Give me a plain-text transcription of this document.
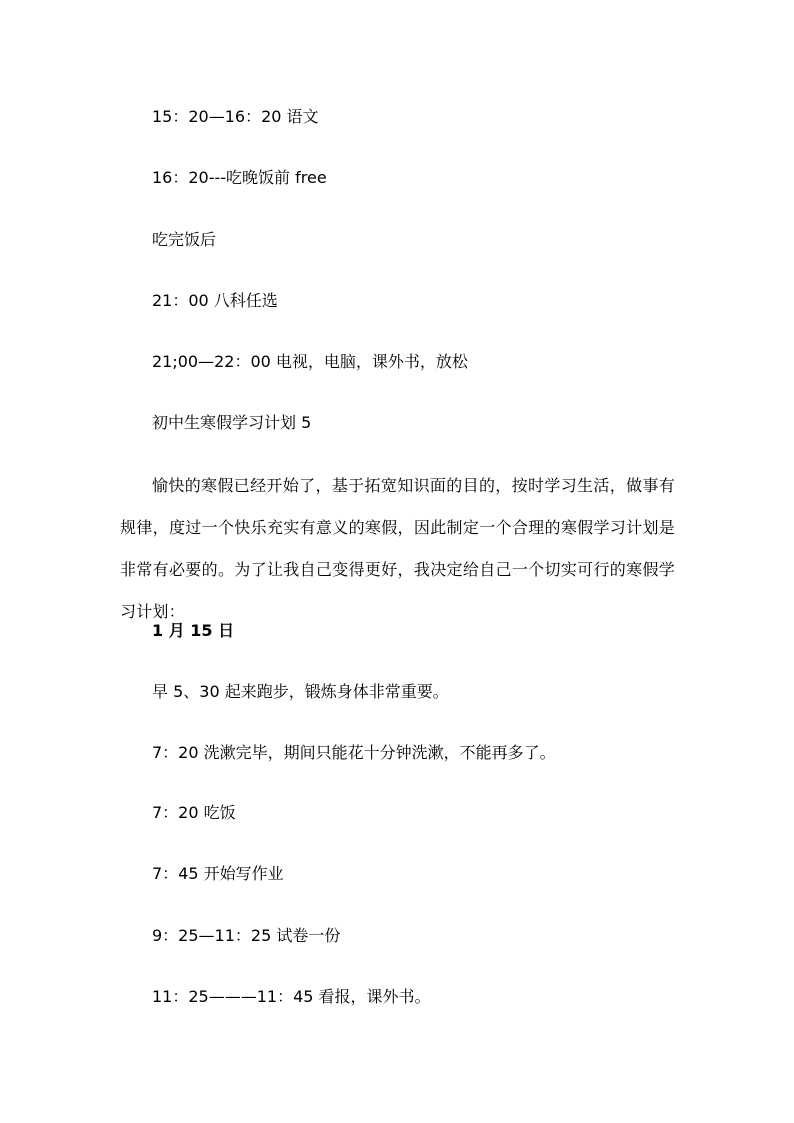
15：20—16：20 语文
16：20---吃晚饭前 free
吃完饭后
21：00 八科任选
21;00—22：00 电视，电脑，课外书，放松
初中生寒假学习计划 5
愉快的寒假已经开始了，基于拓宽知识面的目的，按时学习生活，做事有规律，度过一个快乐充实有意义的寒假，因此制定一个合理的寒假学习计划是非常有必要的。为了让我自己变得更好，我决定给自己一个切实可行的寒假学习计划：
1 月 15 日
早 5、30 起来跑步，锻炼身体非常重要。
7：20 洗漱完毕，期间只能花十分钟洗漱，不能再多了。
7：20 吃饭
7：45 开始写作业
9：25—11：25 试卷一份
11：25———11：45 看报，课外书。
